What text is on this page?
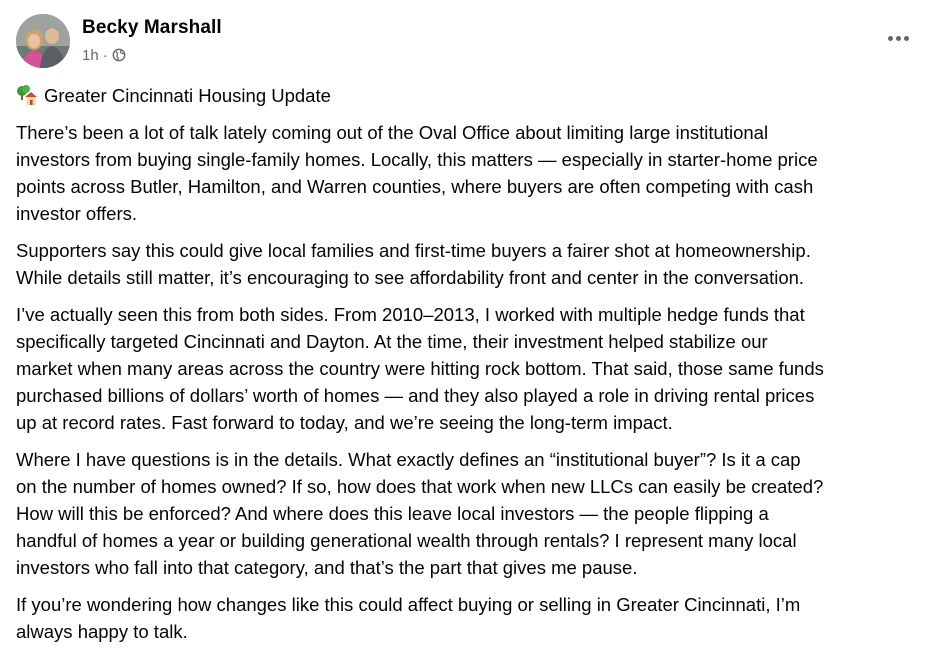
Becky Marshall
1h ·
Greater Cincinnati Housing Update

There’s been a lot of talk lately coming out of the Oval Office about limiting large institutional
investors from buying single-family homes. Locally, this matters — especially in starter-home price
points across Butler, Hamilton, and Warren counties, where buyers are often competing with cash
investor offers.

Supporters say this could give local families and first-time buyers a fairer shot at homeownership.
While details still matter, it’s encouraging to see affordability front and center in the conversation.

I’ve actually seen this from both sides. From 2010–2013, I worked with multiple hedge funds that
specifically targeted Cincinnati and Dayton. At the time, their investment helped stabilize our
market when many areas across the country were hitting rock bottom. That said, those same funds
purchased billions of dollars’ worth of homes — and they also played a role in driving rental prices
up at record rates. Fast forward to today, and we’re seeing the long-term impact.

Where I have questions is in the details. What exactly defines an “institutional buyer”? Is it a cap
on the number of homes owned? If so, how does that work when new LLCs can easily be created?
How will this be enforced? And where does this leave local investors — the people flipping a
handful of homes a year or building generational wealth through rentals? I represent many local
investors who fall into that category, and that’s the part that gives me pause.

If you’re wondering how changes like this could affect buying or selling in Greater Cincinnati, I’m
always happy to talk.
